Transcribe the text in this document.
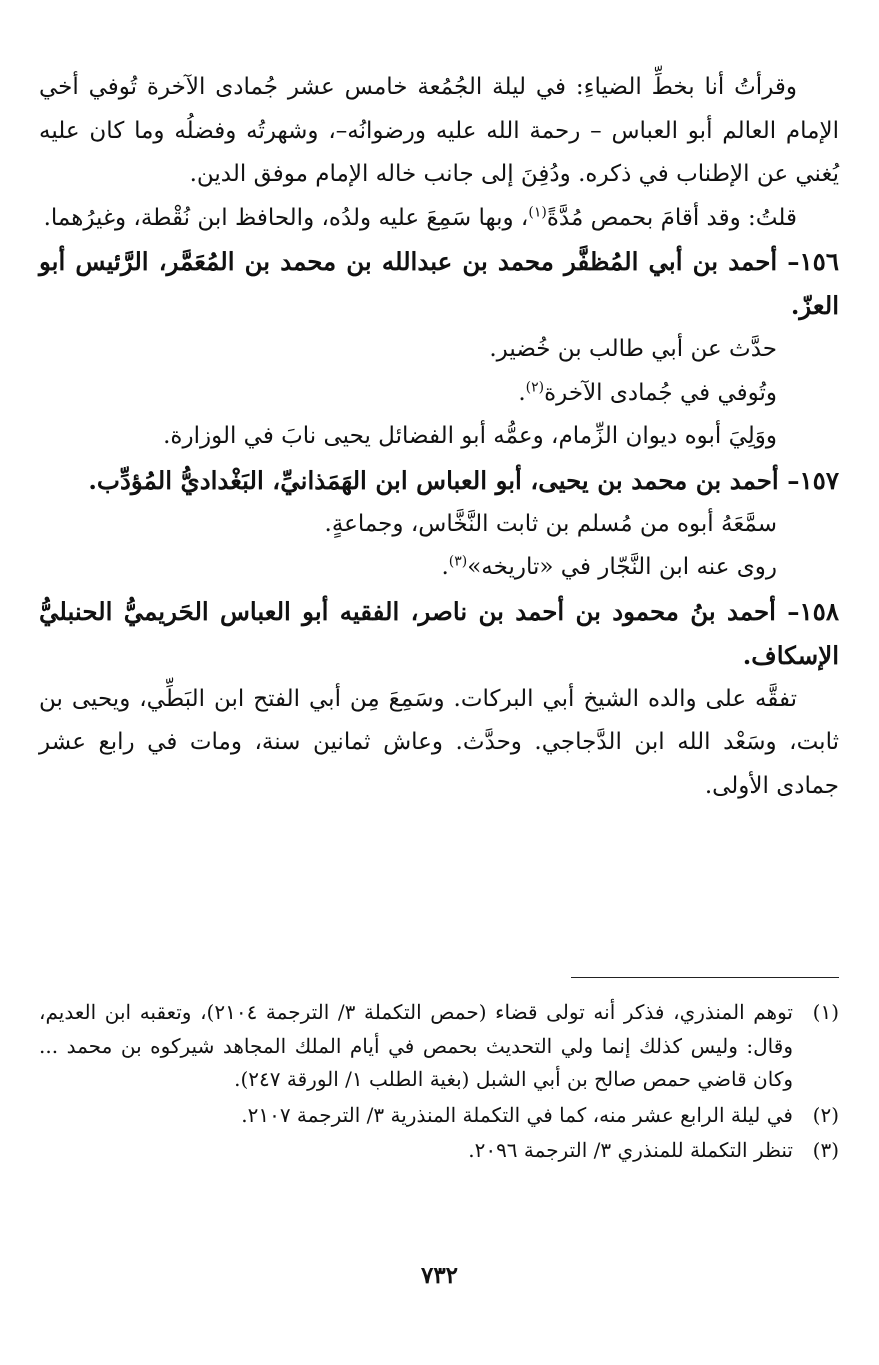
وقرأتُ أنا بخطِّ الضياءِ: في ليلة الجُمُعة خامس عشر جُمادى الآخرة تُوفي أخي الإمام العالم أبو العباس – رحمة الله عليه ورضوانُه–، وشهرتُه وفضلُه وما كان عليه يُغني عن الإطناب في ذكره. ودُفِنَ إلى جانب خاله الإمام موفق الدين.

قلتُ: وقد أقامَ بحمص مُدَّةً$^{(١)}$، وبها سَمِعَ عليه ولدُه، والحافظ ابن نُقْطة، وغيرُهما.

١٥٦– أحمد بن أبي المُظفَّر محمد بن عبدالله بن محمد بن المُعَمَّر، الرَّئيس أبو العزّ.

حدَّث عن أبي طالب بن خُضير.

وتُوفي في جُمادى الآخرة$^{(٢)}$.

ووَلِيَ أبوه ديوان الزِّمام، وعمُّه أبو الفضائل يحيى نابَ في الوزارة.

١٥٧– أحمد بن محمد بن يحيى، أبو العباس ابن الهَمَذانيِّ، البَغْداديُّ المُؤدِّب.

سمَّعَهُ أبوه من مُسلم بن ثابت النَّخَّاس، وجماعةٍ.

روى عنه ابن النَّجّار في «تاريخه»$^{(٣)}$.

١٥٨– أحمد بنُ محمود بن أحمد بن ناصر، الفقيه أبو العباس الحَريميُّ الحنبليُّ الإسكاف.

تفقَّه على والده الشيخ أبي البركات. وسَمِعَ مِن أبي الفتح ابن البَطِّي، ويحيى بن ثابت، وسَعْد الله ابن الدَّجاجي. وحدَّث. وعاش ثمانين سنة، ومات في رابع عشر جمادى الأولى.

(١)
توهم المنذري، فذكر أنه تولى قضاء (حمص التكملة ٣/ الترجمة ٢١٠٤)، وتعقبه ابن العديم، وقال: وليس كذلك إنما ولي التحديث بحمص في أيام الملك المجاهد شيركوه بن محمد ... وكان قاضي حمص صالح بن أبي الشبل (بغية الطلب ١/ الورقة ٢٤٧).
(٢)
في ليلة الرابع عشر منه، كما في التكملة المنذرية ٣/ الترجمة ٢١٠٧.
(٣)
تنظر التكملة للمنذري ٣/ الترجمة ٢٠٩٦.
٧٣٢
